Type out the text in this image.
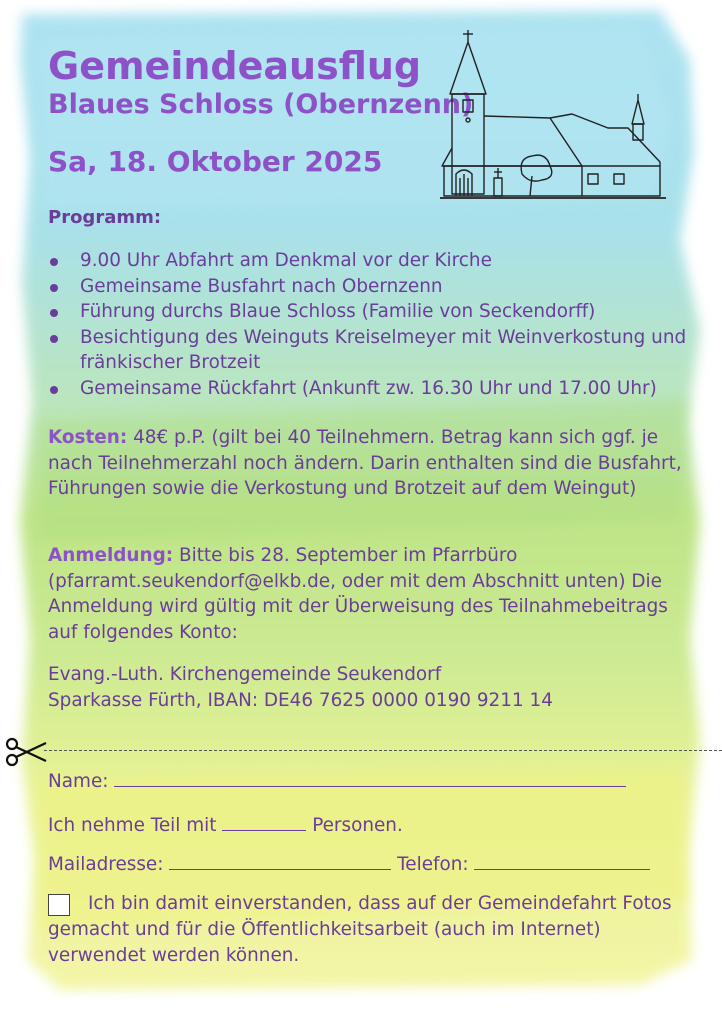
Gemeindeausflug
Blaues Schloss (Obernzenn)
Sa, 18. Oktober 2025
Programm:
9.00 Uhr Abfahrt am Denkmal vor der Kirche
Gemeinsame Busfahrt nach Obernzenn
Führung durchs Blaue Schloss (Familie von Seckendorff)
Besichtigung des Weinguts Kreiselmeyer mit Weinverkostung und fränkischer Brotzeit
Gemeinsame Rückfahrt (Ankunft zw. 16.30 Uhr und 17.00 Uhr)
Kosten: 48€ p.P. (gilt bei 40 Teilnehmern. Betrag kann sich ggf. je nach Teilnehmerzahl noch ändern. Darin enthalten sind die Busfahrt, Führungen sowie die Verkostung und Brotzeit auf dem Weingut)
Anmeldung: Bitte bis 28. September im Pfarrbüro (pfarramt.seukendorf@elkb.de, oder mit dem Abschnitt unten) Die Anmeldung wird gültig mit der Überweisung des Teilnahmebeitrags auf folgendes Konto:
Evang.-Luth. Kirchengemeinde Seukendorf
Sparkasse Fürth, IBAN: DE46 7625 0000 0190 9211 14
Name:
Ich nehme Teil mit	Personen.
Mailadresse:	Telefon:
Ich bin damit einverstanden, dass auf der Gemeindefahrt Fotos gemacht und für die Öffentlichkeitsarbeit (auch im Internet) verwendet werden können.
